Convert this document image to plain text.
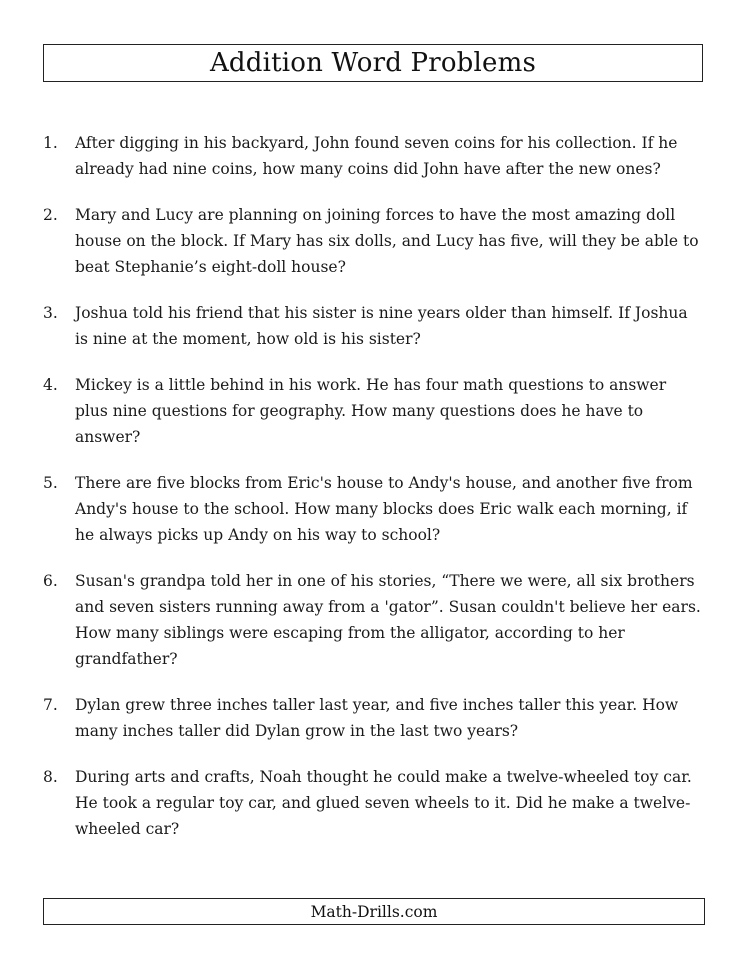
Addition Word Problems
1.	After digging in his backyard, John found seven coins for his collection. If he already had nine coins, how many coins did John have after the new ones?
2.	Mary and Lucy are planning on joining forces to have the most amazing doll house on the block. If Mary has six dolls, and Lucy has five, will they be able to beat Stephanie’s eight-doll house?
3.	Joshua told his friend that his sister is nine years older than himself. If Joshua is nine at the moment, how old is his sister?
4.	Mickey is a little behind in his work. He has four math questions to answer plus nine questions for geography. How many questions does he have to answer?
5.	There are five blocks from Eric's house to Andy's house, and another five from Andy's house to the school. How many blocks does Eric walk each morning, if he always picks up Andy on his way to school?
6.	Susan's grandpa told her in one of his stories, “There we were, all six brothers and seven sisters running away from a 'gator”. Susan couldn't believe her ears. How many siblings were escaping from the alligator, according to her grandfather?
7.	Dylan grew three inches taller last year, and five inches taller this year. How many inches taller did Dylan grow in the last two years?
8.	During arts and crafts, Noah thought he could make a twelve-wheeled toy car. He took a regular toy car, and glued seven wheels to it. Did he make a twelve-wheeled car?
Math-Drills.com
